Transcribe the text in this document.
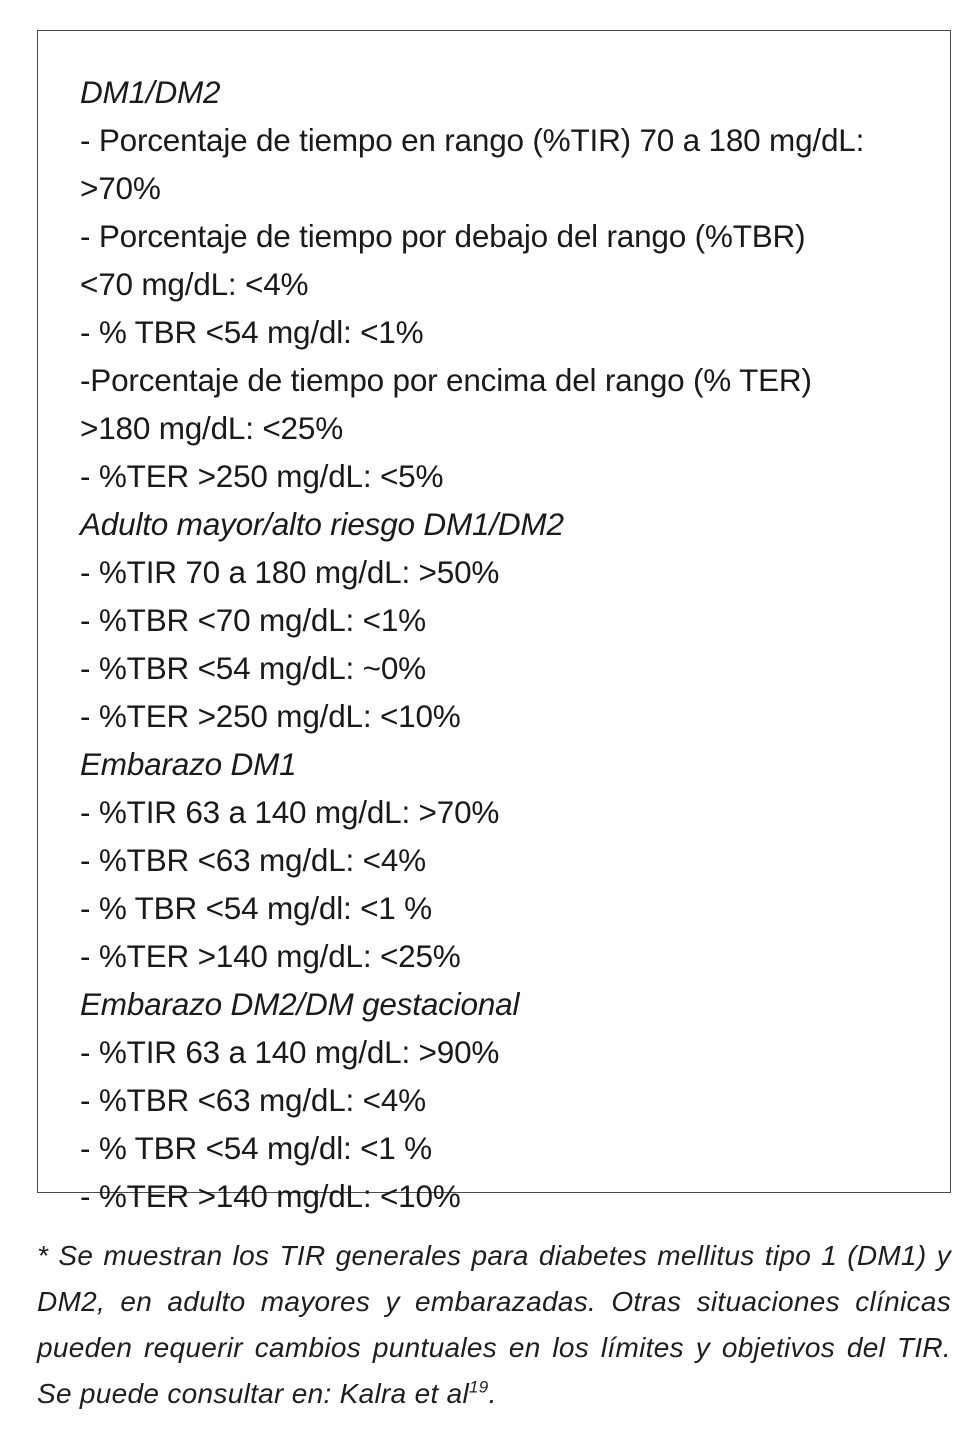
DM1/DM2
- Porcentaje de tiempo en rango (%TIR) 70 a 180 mg/dL:
>70%
- Porcentaje de tiempo por debajo del rango (%TBR)
<70 mg/dL: <4%
- % TBR <54 mg/dl: <1%
-Porcentaje de tiempo por encima del rango (% TER)
>180 mg/dL: <25%
- %TER >250 mg/dL: <5%
Adulto mayor/alto riesgo DM1/DM2
- %TIR 70 a 180 mg/dL: >50%
- %TBR <70 mg/dL: <1%
- %TBR <54 mg/dL: ~0%
- %TER >250 mg/dL: <10%
Embarazo DM1
- %TIR 63 a 140 mg/dL: >70%
- %TBR <63 mg/dL: <4%
- % TBR <54 mg/dl: <1 %
- %TER >140 mg/dL: <25%
Embarazo DM2/DM gestacional
- %TIR 63 a 140 mg/dL: >90%
- %TBR <63 mg/dL: <4%
- % TBR <54 mg/dl: <1 %
- %TER >140 mg/dL: <10%

* Se muestran los TIR generales para diabetes mellitus tipo 1 (DM1) y DM2, en adulto mayores y embarazadas. Otras situaciones clínicas pueden requerir cambios puntuales en los límites y objetivos del TIR. Se puede consultar en: Kalra et $al^{19}$.
